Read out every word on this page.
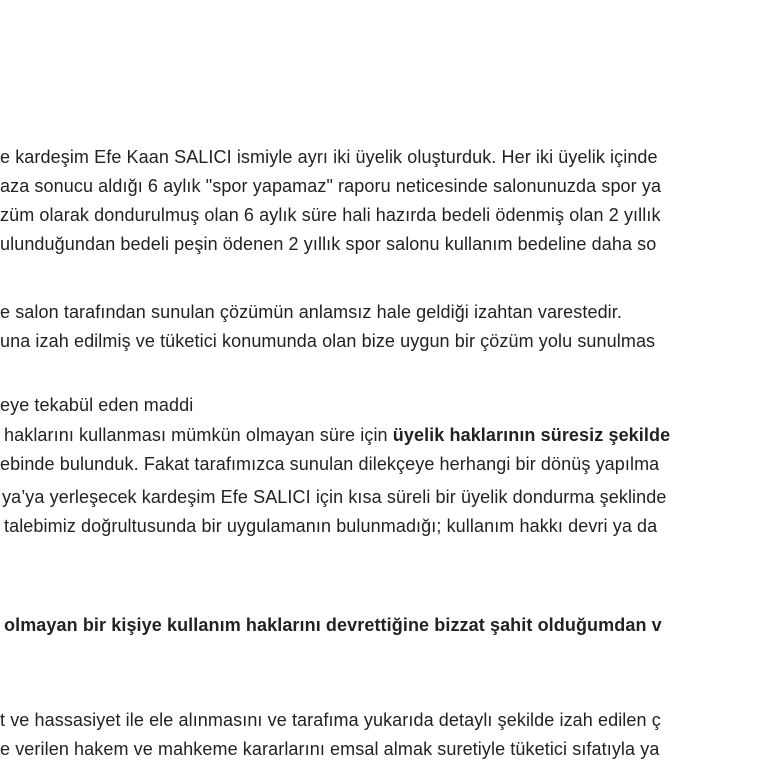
e kardeşim Efe Kaan SALICI ismiyle ayrı iki üyelik oluşturduk. Her iki üyelik içinde
aza sonucu aldığı 6 aylık "spor yapamaz" raporu neticesinde salonunuzda spor ya
züm olarak dondurulmuş olan 6 aylık süre hali hazırda bedeli ödenmiş olan 2 yıllık
ulunduğundan bedeli peşin ödenen 2 yıllık spor salonu kullanım bedeline daha so
e salon tarafından sunulan çözümün anlamsız hale geldiği izahtan varestedir.
una izah edilmiş ve tüketici konumunda olan bize uygun bir çözüm yolu sunulmas
eye tekabül eden maddi
haklarını kullanması mümkün olmayan süre için üyelik haklarının süresiz şekilde
ebinde bulunduk. Fakat tarafımızca sunulan dilekçeye herhangi bir dönüş yapılma
ya’ya yerleşecek kardeşim Efe SALICI için kısa süreli bir üyelik dondurma şeklinde
talebimiz doğrultusunda bir uygulamanın bulunmadığı; kullanım hakkı devri ya da
olmayan bir kişiye kullanım haklarını devrettiğine bizzat şahit olduğumdan v
t ve hassasiyet ile ele alınmasını ve tarafıma yukarıda detaylı şekilde izah edilen ç
e verilen hakem ve mahkeme kararlarını emsal almak suretiyle tüketici sıfatıyla ya
